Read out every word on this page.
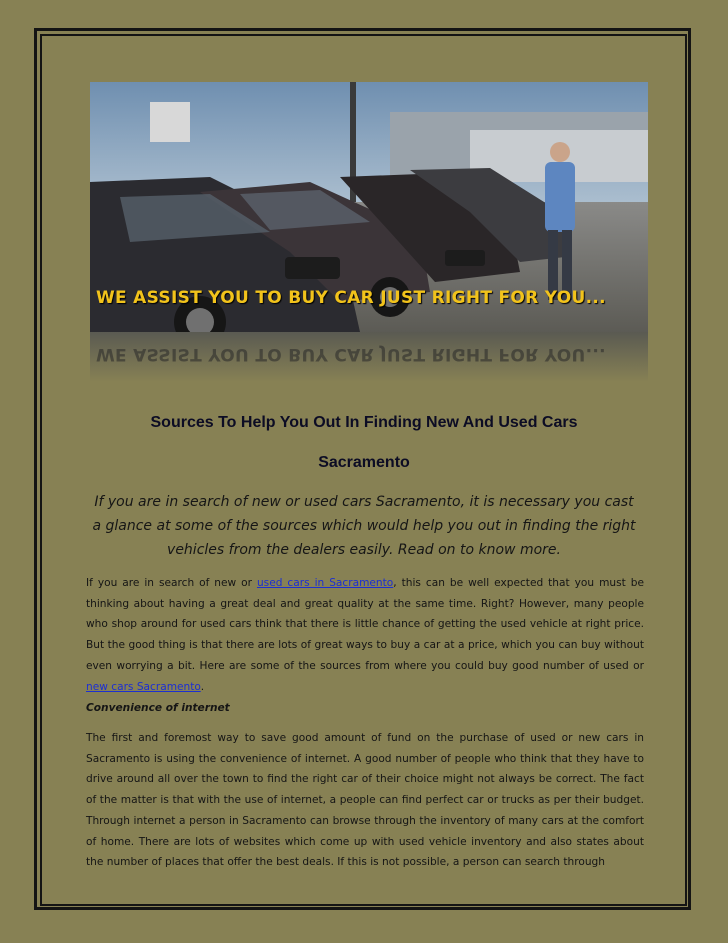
WE ASSIST YOU TO BUY CAR JUST RIGHT FOR YOU...
WE ASSIST YOU TO BUY CAR JUST RIGHT FOR YOU...
Sources To Help You Out In Finding New And Used Cars
Sacramento
If you are in search of new or used cars Sacramento, it is necessary you cast a glance at some of the sources which would help you out in finding the right vehicles from the dealers easily. Read on to know more.
If you are in search of new or used cars in Sacramento, this can be well expected that you must be thinking about having a great deal and great quality at the same time. Right? However, many people who shop around for used cars think that there is little chance of getting the used vehicle at right price. But the good thing is that there are lots of great ways to buy a car at a price, which you can buy without even worrying a bit. Here are some of the sources from where you could buy good number of used or new cars Sacramento.
Convenience of internet
The first and foremost way to save good amount of fund on the purchase of used or new cars in Sacramento is using the convenience of internet. A good number of people who think that they have to drive around all over the town to find the right car of their choice might not always be correct. The fact of the matter is that with the use of internet, a people can find perfect car or trucks as per their budget. Through internet a person in Sacramento can browse through the inventory of many cars at the comfort of home. There are lots of websites which come up with used vehicle inventory and also states about the number of places that offer the best deals. If this is not possible, a person can search through
